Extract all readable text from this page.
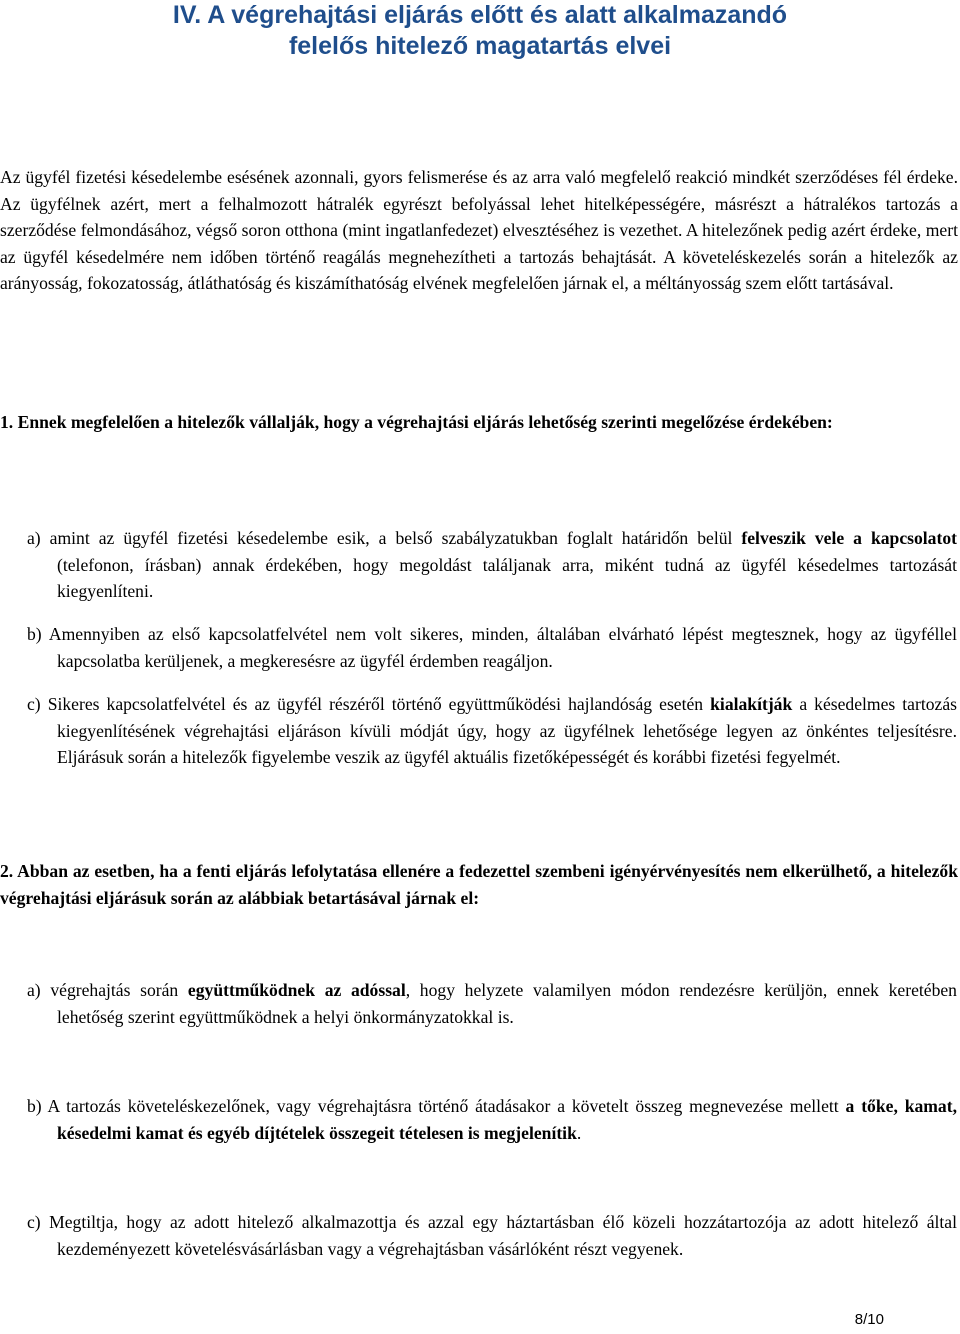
IV. A végrehajtási eljárás előtt és alatt alkalmazandó
felelős hitelező magatartás elvei
Az ügyfél fizetési késedelembe esésének azonnali, gyors felismerése és az arra való megfelelő reakció mindkét szerződéses fél érdeke. Az ügyfélnek azért, mert a felhalmozott hátralék egyrészt befolyással lehet hitelképességére, másrészt a hátralékos tartozás a szerződése felmondásához, végső soron otthona (mint ingatlanfedezet) elvesztéséhez is vezethet. A hitelezőnek pedig azért érdeke, mert az ügyfél késedelmére nem időben történő reagálás megnehezítheti a tartozás behajtását. A követeléskezelés során a hitelezők az arányosság, fokozatosság, átláthatóság és kiszámíthatóság elvének megfelelően járnak el, a méltányosság szem előtt tartásával.
1. Ennek megfelelően a hitelezők vállalják, hogy a végrehajtási eljárás lehetőség szerinti megelőzése érdekében:
a) amint az ügyfél fizetési késedelembe esik, a belső szabályzatukban foglalt határidőn belül felveszik vele a kapcsolatot (telefonon, írásban) annak érdekében, hogy megoldást találjanak arra, miként tudná az ügyfél késedelmes tartozását kiegyenlíteni.
b) Amennyiben az első kapcsolatfelvétel nem volt sikeres, minden, általában elvárható lépést megtesznek, hogy az ügyféllel kapcsolatba kerüljenek, a megkeresésre az ügyfél érdemben reagáljon.
c) Sikeres kapcsolatfelvétel és az ügyfél részéről történő együttműködési hajlandóság esetén kialakítják a késedelmes tartozás kiegyenlítésének végrehajtási eljáráson kívüli módját úgy, hogy az ügyfélnek lehetősége legyen az önkéntes teljesítésre. Eljárásuk során a hitelezők figyelembe veszik az ügyfél aktuális fizetőképességét és korábbi fizetési fegyelmét.
2. Abban az esetben, ha a fenti eljárás lefolytatása ellenére a fedezettel szembeni igényérvényesítés nem elkerülhető, a hitelezők végrehajtási eljárásuk során az alábbiak betartásával járnak el:
a) végrehajtás során együttműködnek az adóssal, hogy helyzete valamilyen módon rendezésre kerüljön, ennek keretében lehetőség szerint együttműködnek a helyi önkormányzatokkal is.
b) A tartozás követeléskezelőnek, vagy végrehajtásra történő átadásakor a követelt összeg megnevezése mellett a tőke, kamat, késedelmi kamat és egyéb díjtételek összegeit tételesen is megjelenítik.
c) Megtiltja, hogy az adott hitelező alkalmazottja és azzal egy háztartásban élő közeli hozzátartozója az adott hitelező által kezdeményezett követelésvásárlásban vagy a végrehajtásban vásárlóként részt vegyenek.
8/10
